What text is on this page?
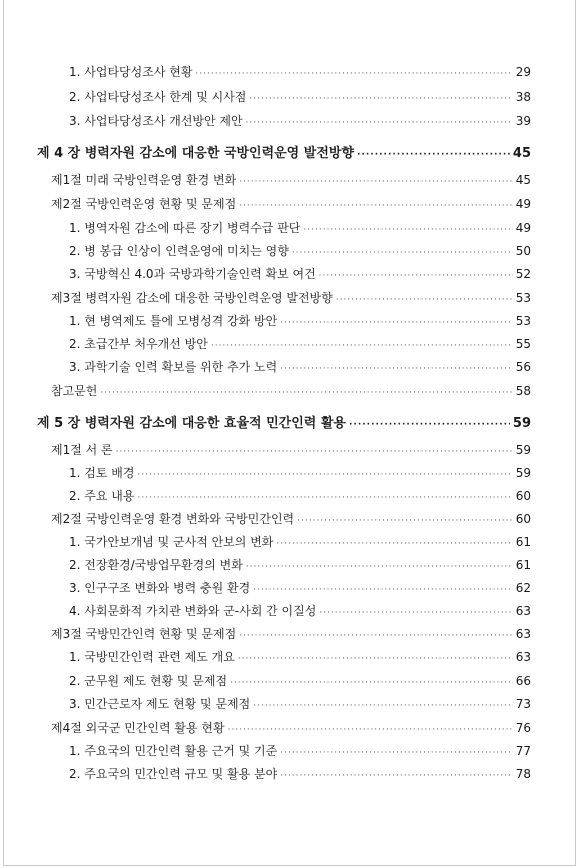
1. 사업타당성조사 현황 ·····	29
2. 사업타당성조사 한계 및 시사점 ·····	38
3. 사업타당성조사 개선방안 제안 ·····	39
제 4 장 병력자원 감소에 대응한 국방인력운영 발전방향 ·····	45
제1절 미래 국방인력운영 환경 변화 ·····	45
제2절 국방인력운영 현황 및 문제점 ·····	49
1. 병역자원 감소에 따른 장기 병력수급 판단 ·····	49
2. 병 봉급 인상이 인력운영에 미치는 영향 ·····	50
3. 국방혁신 4.0과 국방과학기술인력 확보 여건 ·····	52
제3절 병력자원 감소에 대응한 국방인력운영 발전방향 ·····	53
1. 현 병역제도 틀에 모병성격 강화 방안 ·····	53
2. 초급간부 처우개선 방안 ·····	55
3. 과학기술 인력 확보를 위한 추가 노력 ·····	56
참고문헌 ·····	58
제 5 장 병력자원 감소에 대응한 효율적 민간인력 활용 ·····	59
제1절 서 론 ·····	59
1. 검토 배경 ·····	59
2. 주요 내용 ·····	60
제2절 국방인력운영 환경 변화와 국방민간인력 ·····	60
1. 국가안보개념 및 군사적 안보의 변화 ·····	61
2. 전장환경/국방업무환경의 변화 ·····	61
3. 인구구조 변화와 병력 충원 환경 ·····	62
4. 사회문화적 가치관 변화와 군-사회 간 이질성 ·····	63
제3절 국방민간인력 현황 및 문제점 ·····	63
1. 국방민간인력 관련 제도 개요 ·····	63
2. 군무원 제도 현황 및 문제점 ·····	66
3. 민간근로자 제도 현황 및 문제점 ·····	73
제4절 외국군 민간인력 활용 현황 ·····	76
1. 주요국의 민간인력 활용 근거 및 기준 ·····	77
2. 주요국의 민간인력 규모 및 활용 분야 ·····	78
